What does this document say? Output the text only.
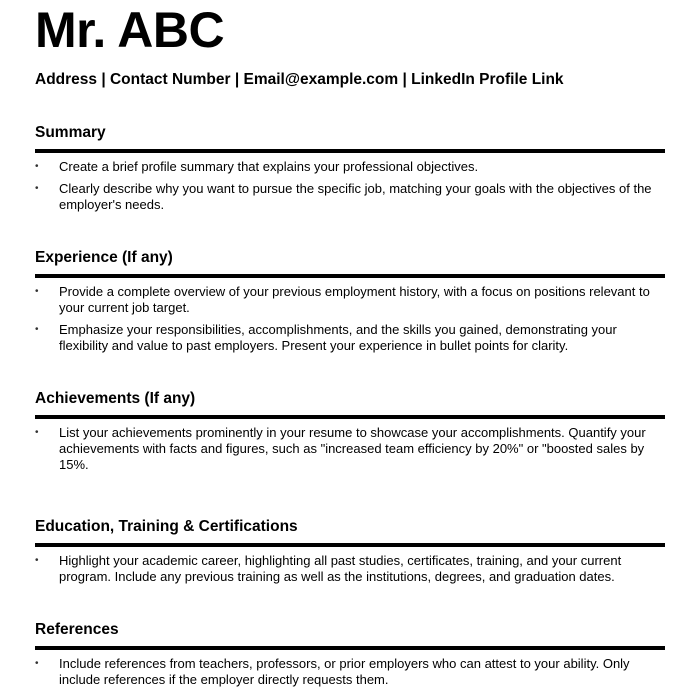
Mr. ABC
Address | Contact Number | Email@example.com | LinkedIn Profile Link
Summary
• Create a brief profile summary that explains your professional objectives.
• Clearly describe why you want to pursue the specific job, matching your goals with the objectives of the employer's needs.
Experience (If any)
• Provide a complete overview of your previous employment history, with a focus on positions relevant to your current job target.
• Emphasize your responsibilities, accomplishments, and the skills you gained, demonstrating your flexibility and value to past employers. Present your experience in bullet points for clarity.
Achievements (If any)
• List your achievements prominently in your resume to showcase your accomplishments. Quantify your achievements with facts and figures, such as "increased team efficiency by 20%" or "boosted sales by 15%.
Education, Training & Certifications
• Highlight your academic career, highlighting all past studies, certificates, training, and your current program. Include any previous training as well as the institutions, degrees, and graduation dates.
References
• Include references from teachers, professors, or prior employers who can attest to your ability. Only include references if the employer directly requests them.
